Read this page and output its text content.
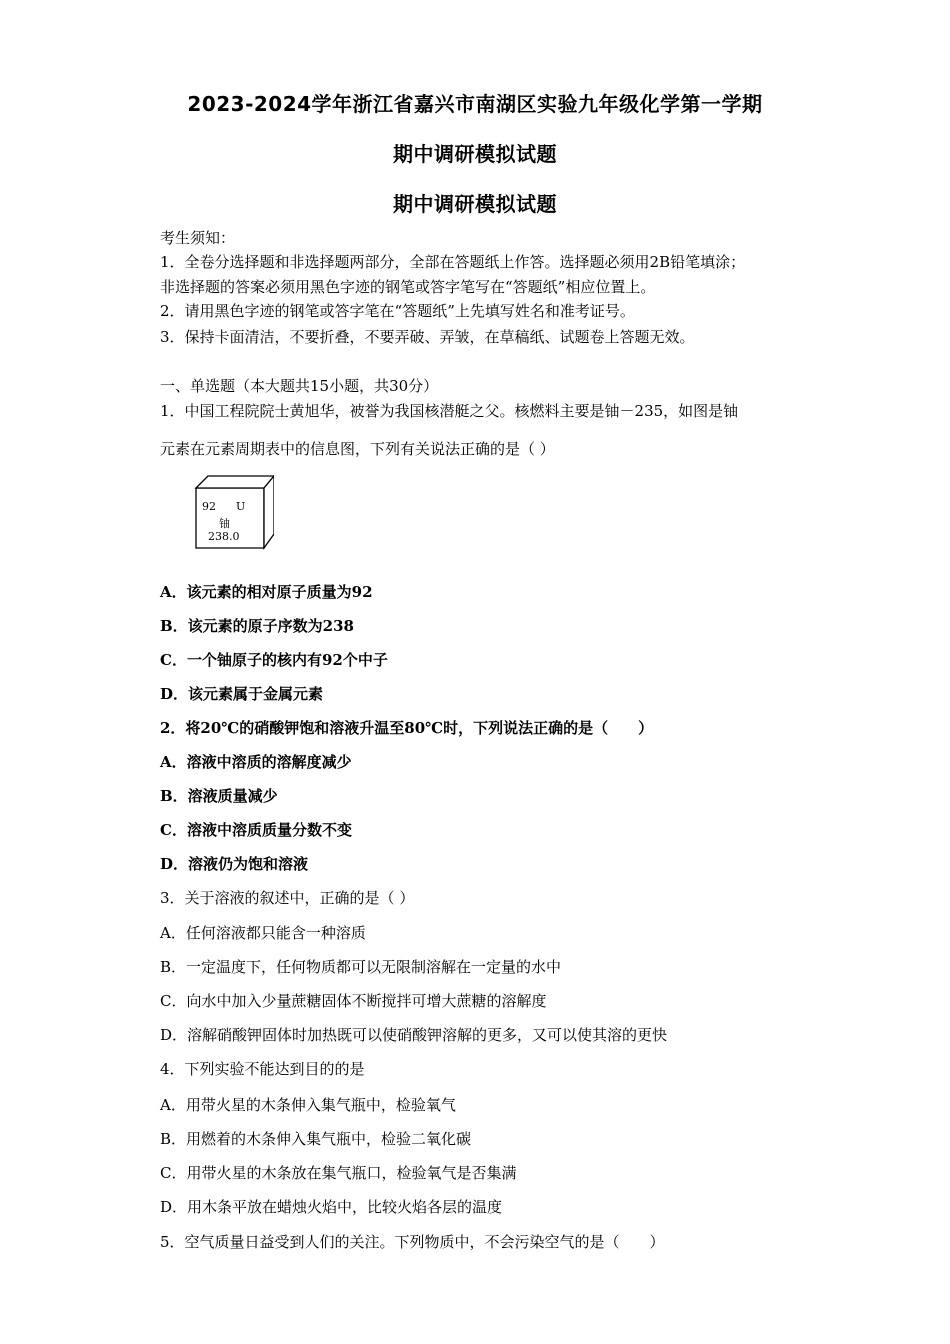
2023-2024学年浙江省嘉兴市南湖区实验九年级化学第一学期
期中调研模拟试题
期中调研模拟试题
考生须知：
1．全卷分选择题和非选择题两部分，全部在答题纸上作答。选择题必须用2B铅笔填涂；
非选择题的答案必须用黑色字迹的钢笔或答字笔写在“答题纸”相应位置上。
2．请用黑色字迹的钢笔或答字笔在“答题纸”上先填写姓名和准考证号。
3．保持卡面清洁，不要折叠，不要弄破、弄皱，在草稿纸、试题卷上答题无效。
一、单选题（本大题共15小题，共30分）
1．中国工程院院士黄旭华，被誉为我国核潜艇之父。核燃料主要是铀－235，如图是铀
元素在元素周期表中的信息图，下列有关说法正确的是（ ）
92 U
铀
238.0
A．该元素的相对原子质量为92
B．该元素的原子序数为238
C．一个铀原子的核内有92个中子
D．该元素属于金属元素
2．将20℃的硝酸钾饱和溶液升温至80℃时，下列说法正确的是（　　）
A．溶液中溶质的溶解度减少
B．溶液质量减少
C．溶液中溶质质量分数不变
D．溶液仍为饱和溶液
3．关于溶液的叙述中，正确的是（ ）
A．任何溶液都只能含一种溶质
B．一定温度下，任何物质都可以无限制溶解在一定量的水中
C．向水中加入少量蔗糖固体不断搅拌可增大蔗糖的溶解度
D．溶解硝酸钾固体时加热既可以使硝酸钾溶解的更多，又可以使其溶的更快
4．下列实验不能达到目的的是
A．用带火星的木条伸入集气瓶中，检验氧气
B．用燃着的木条伸入集气瓶中，检验二氧化碳
C．用带火星的木条放在集气瓶口，检验氧气是否集满
D．用木条平放在蜡烛火焰中，比较火焰各层的温度
5．空气质量日益受到人们的关注。下列物质中，不会污染空气的是（　　）
